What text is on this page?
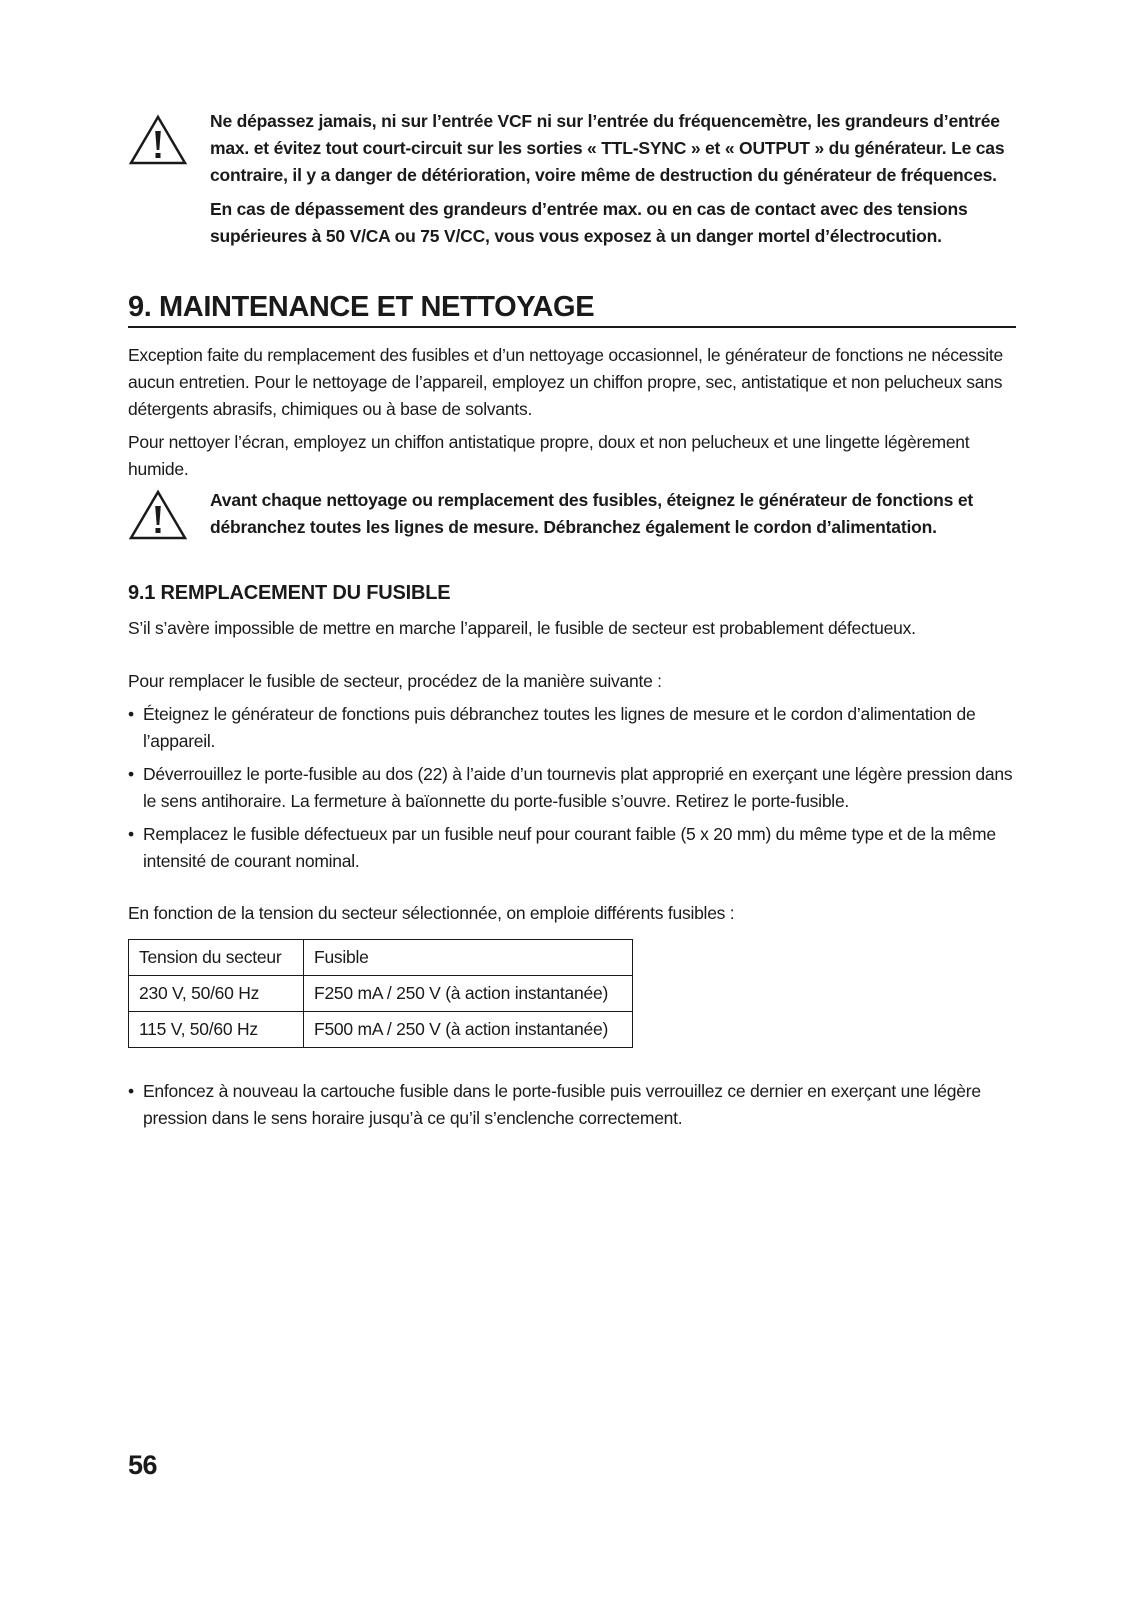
Ne dépassez jamais, ni sur l’entrée VCF ni sur l’entrée du fréquencemètre, les grandeurs d’entrée max. et évitez tout court-circuit sur les sorties « TTL-SYNC » et « OUTPUT » du générateur. Le cas contraire, il y a danger de détérioration, voire même de destruction du générateur de fréquences.

En cas de dépassement des grandeurs d’entrée max. ou en cas de contact avec des tensions supérieures à 50 V/CA ou 75 V/CC, vous vous exposez à un danger mortel d’électrocution.

9. MAINTENANCE ET NETTOYAGE

Exception faite du remplacement des fusibles et d’un nettoyage occasionnel, le générateur de fonctions ne nécessite aucun entretien. Pour le nettoyage de l’appareil, employez un chiffon propre, sec, antistatique et non pelucheux sans détergents abrasifs, chimiques ou à base de solvants.

Pour nettoyer l’écran, employez un chiffon antistatique propre, doux et non pelucheux et une lingette légèrement humide.

Avant chaque nettoyage ou remplacement des fusibles, éteignez le générateur de fonctions et débranchez toutes les lignes de mesure. Débranchez également le cordon d’alimentation.

9.1 REMPLACEMENT DU FUSIBLE

S’il s’avère impossible de mettre en marche l’appareil, le fusible de secteur est probablement défectueux.

Pour remplacer le fusible de secteur, procédez de la manière suivante :

• Éteignez le générateur de fonctions puis débranchez toutes les lignes de mesure et le cordon d’alimentation de l’appareil.
• Déverrouillez le porte-fusible au dos (22) à l’aide d’un tournevis plat approprié en exerçant une légère pression dans le sens antihoraire. La fermeture à baïonnette du porte-fusible s’ouvre. Retirez le porte-fusible.
• Remplacez le fusible défectueux par un fusible neuf pour courant faible (5 x 20 mm) du même type et de la même intensité de courant nominal.

En fonction de la tension du secteur sélectionnée, on emploie différents fusibles :

Tension du secteur	Fusible
230 V, 50/60 Hz	F250 mA / 250 V (à action instantanée)
115 V, 50/60 Hz	F500 mA / 250 V (à action instantanée)
• Enfoncez à nouveau la cartouche fusible dans le porte-fusible puis verrouillez ce dernier en exerçant une légère pression dans le sens horaire jusqu’à ce qu’il s’enclenche correctement.
56
